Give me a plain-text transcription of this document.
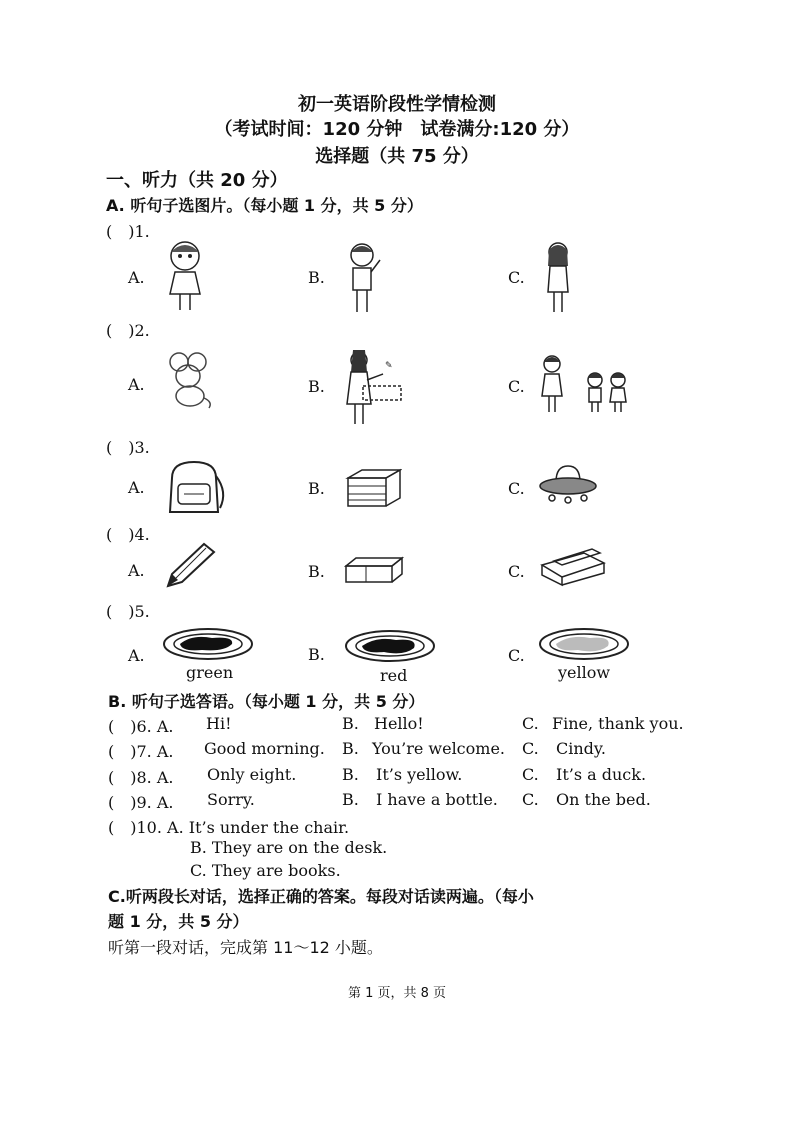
初一英语阶段性学情检测
（考试时间：120 分钟　试卷满分:120 分）
选择题（共 75 分）
一、听力（共 20 分）
A. 听句子选图片。（每小题 1 分，共 5 分）
(　)1.
A.	B.	C.
(　)2.
A.	B.	C.
✎
(　)3.
A.	B.	C.
(　)4.
A.	B.	C.
(　)5.
A.	B.	C.
green	red	yellow
B. 听句子选答语。（每小题 1 分，共 5 分）
(　)6. A. Hi!	B. Hello!	C. Fine, thank you.
(　)7. A. Good morning. B. You’re welcome. C. Cindy.
(　)8. A. Only eight.	B. It’s yellow.	C. It’s a duck.
(　)9. A. Sorry.	B. I have a bottle. C. On the bed.
(　)10. A. It’s under the chair.
B. They are on the desk.
C. They are books.
C.听两段长对话，选择正确的答案。每段对话读两遍。（每小
题 1 分，共 5 分）
听第一段对话，完成第 11～12 小题。
第 1 页，共 8 页
